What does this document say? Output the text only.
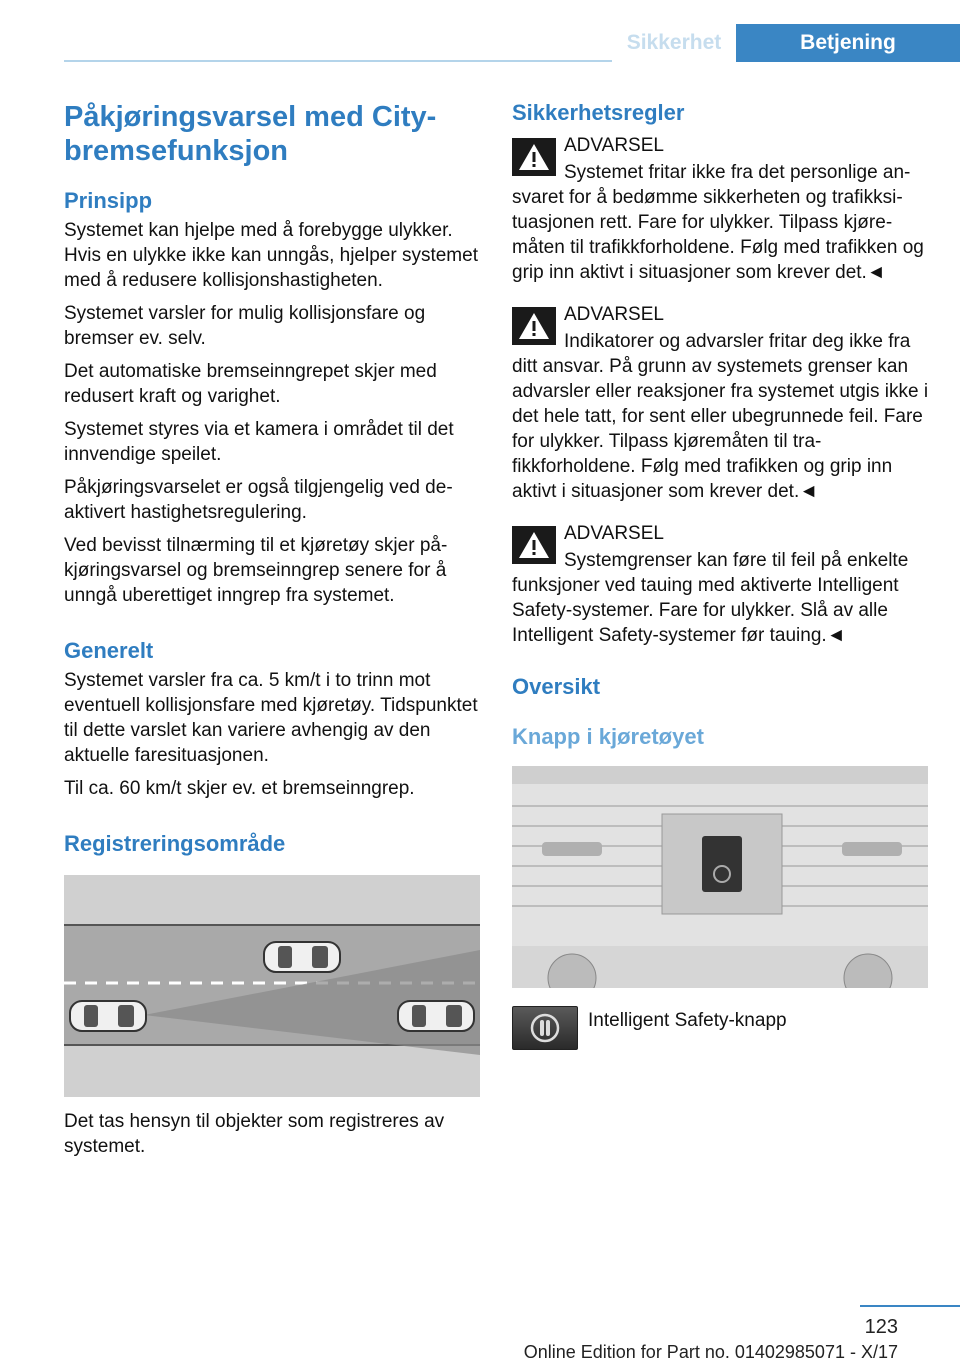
Sikkerhet	Betjening
Påkjøringsvarsel med Citybremsefunksjon
Prinsipp

Systemet kan hjelpe med å forebygge ulykker. Hvis en ulykke ikke kan unngås, hjelper systemet med å redusere kollisjonshastigheten.

Systemet varsler for mulig kollisjonsfare og bremser ev. selv.

Det automatiske bremseinngrepet skjer med redusert kraft og varighet.

Systemet styres via et kamera i området til det innvendige speilet.

Påkjøringsvarselet er også tilgjengelig ved deaktivert hastighetsregulering.

Ved bevisst tilnærming til et kjøretøy skjer påkjøringsvarsel og bremseinngrep senere for å unngå uberettiget inngrep fra systemet.

Generelt

Systemet varsler fra ca. 5 km/t i to trinn mot eventuell kollisjonsfare med kjøretøy. Tidspunktet til dette varslet kan variere avhengig av den aktuelle faresituasjonen.

Til ca. 60 km/t skjer ev. et bremseinngrep.

Registreringsområde

Det tas hensyn til objekter som registreres av systemet.

Sikkerhetsregler
ADVARSEL

Systemet fritar ikke fra det personlige ansvaret for å bedømme sikkerheten og trafikksituasjonen rett. Fare for ulykker. Tilpass kjøremåten til trafikkforholdene. Følg med trafikken og grip inn aktivt i situasjoner som krever det.◄

ADVARSEL

Indikatorer og advarsler fritar deg ikke fra ditt ansvar. På grunn av systemets grenser kan advarsler eller reaksjoner fra systemet utgis ikke i det hele tatt, for sent eller ubegrunnede feil. Fare for ulykker. Tilpass kjøremåten til trafikkforholdene. Følg med trafikken og grip inn aktivt i situasjoner som krever det.◄

ADVARSEL

Systemgrenser kan føre til feil på enkelte funksjoner ved tauing med aktiverte Intelligent Safety-systemer. Fare for ulykker. Slå av alle Intelligent Safety-systemer før tauing.◄

Oversikt
Knapp i kjøretøyet
Intelligent Safety-knapp
123
Online Edition for Part no. 01402985071 - X/17
